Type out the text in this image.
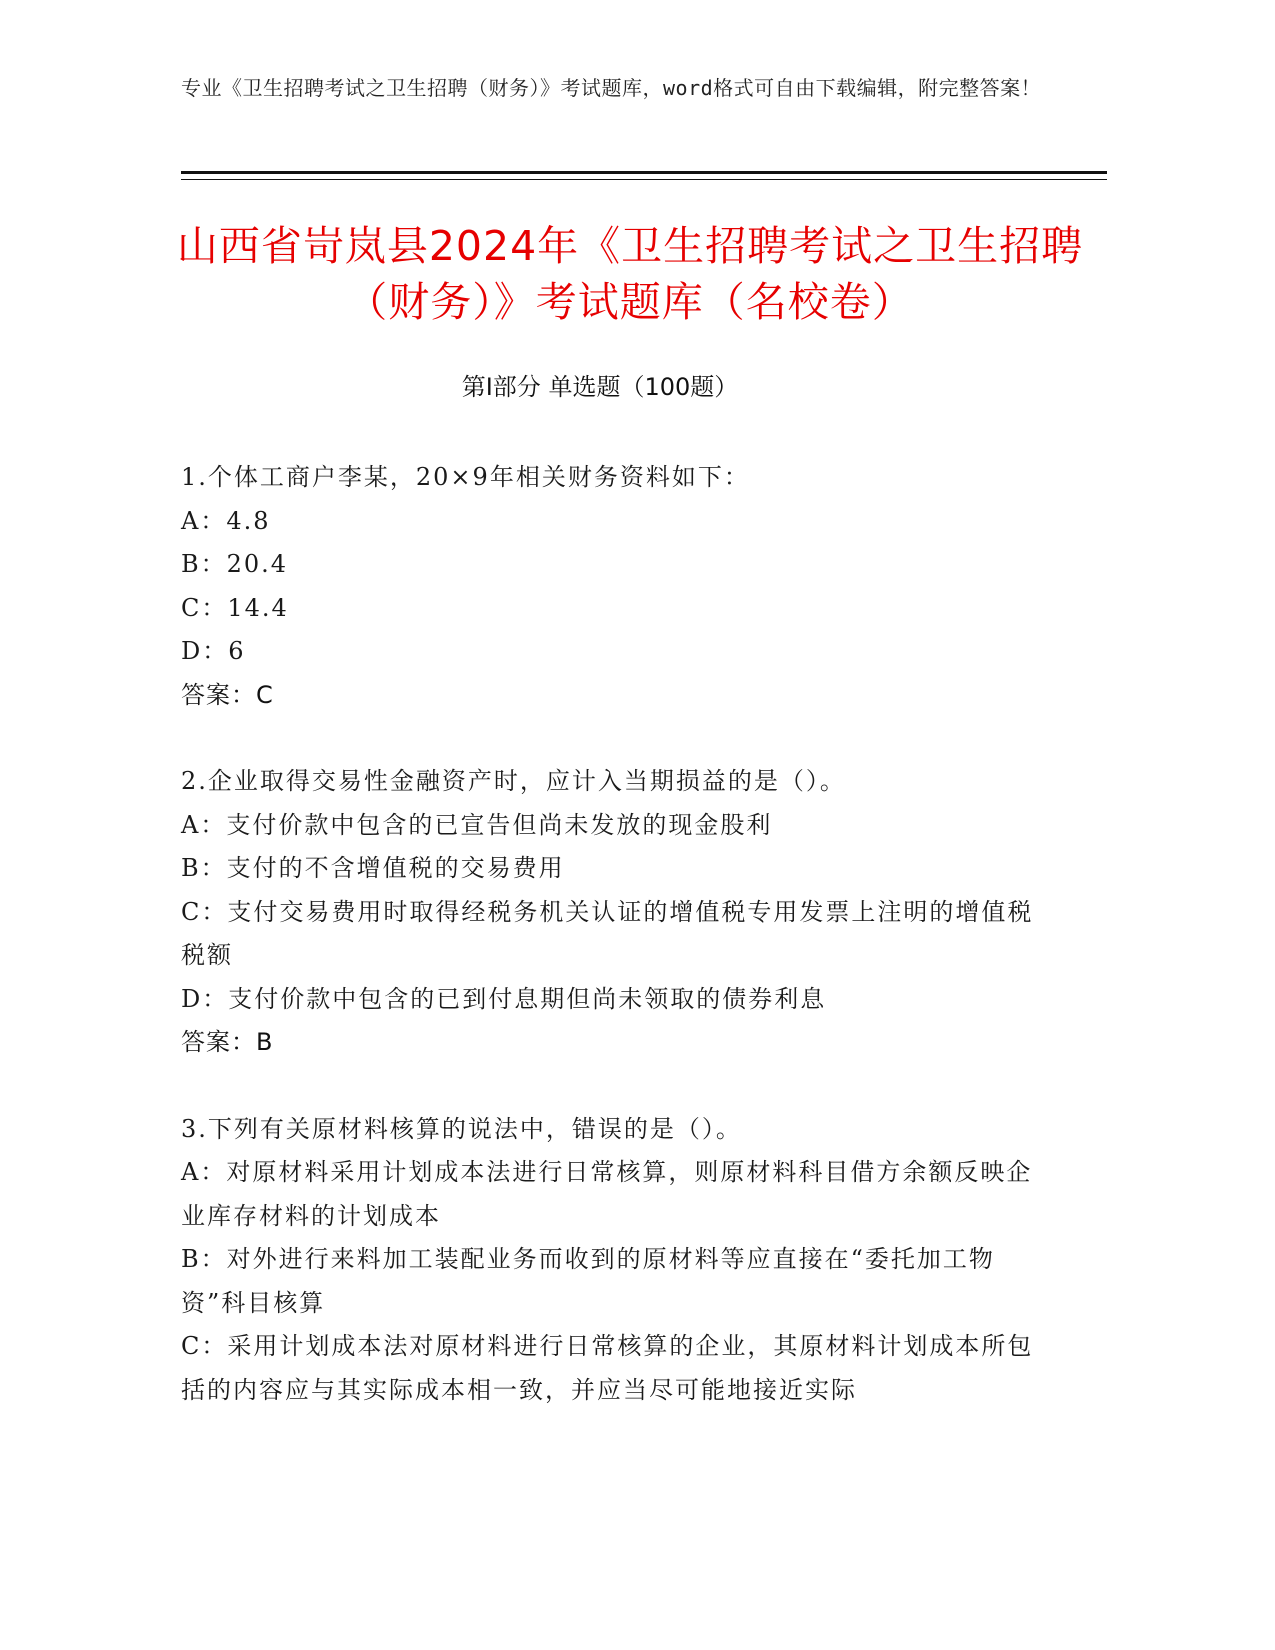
专业《卫生招聘考试之卫生招聘（财务）》考试题库，word格式可自由下载编辑，附完整答案！
山西省岢岚县2024年《卫生招聘考试之卫生招聘（财务）》考试题库（名校卷）
第Ⅰ部分 单选题（100题）

1.个体工商户李某，20×9年相关财务资料如下：

A：4.8

B：20.4

C：14.4

D：6

答案：C

2.企业取得交易性金融资产时，应计入当期损益的是（）。

A：支付价款中包含的已宣告但尚未发放的现金股利

B：支付的不含增值税的交易费用

C：支付交易费用时取得经税务机关认证的增值税专用发票上注明的增值税税额

D：支付价款中包含的已到付息期但尚未领取的债券利息

答案：B

3.下列有关原材料核算的说法中，错误的是（）。

A：对原材料采用计划成本法进行日常核算，则原材料科目借方余额反映企业库存材料的计划成本

B：对外进行来料加工装配业务而收到的原材料等应直接在“委托加工物资”科目核算

C：采用计划成本法对原材料进行日常核算的企业，其原材料计划成本所包括的内容应与其实际成本相一致，并应当尽可能地接近实际
